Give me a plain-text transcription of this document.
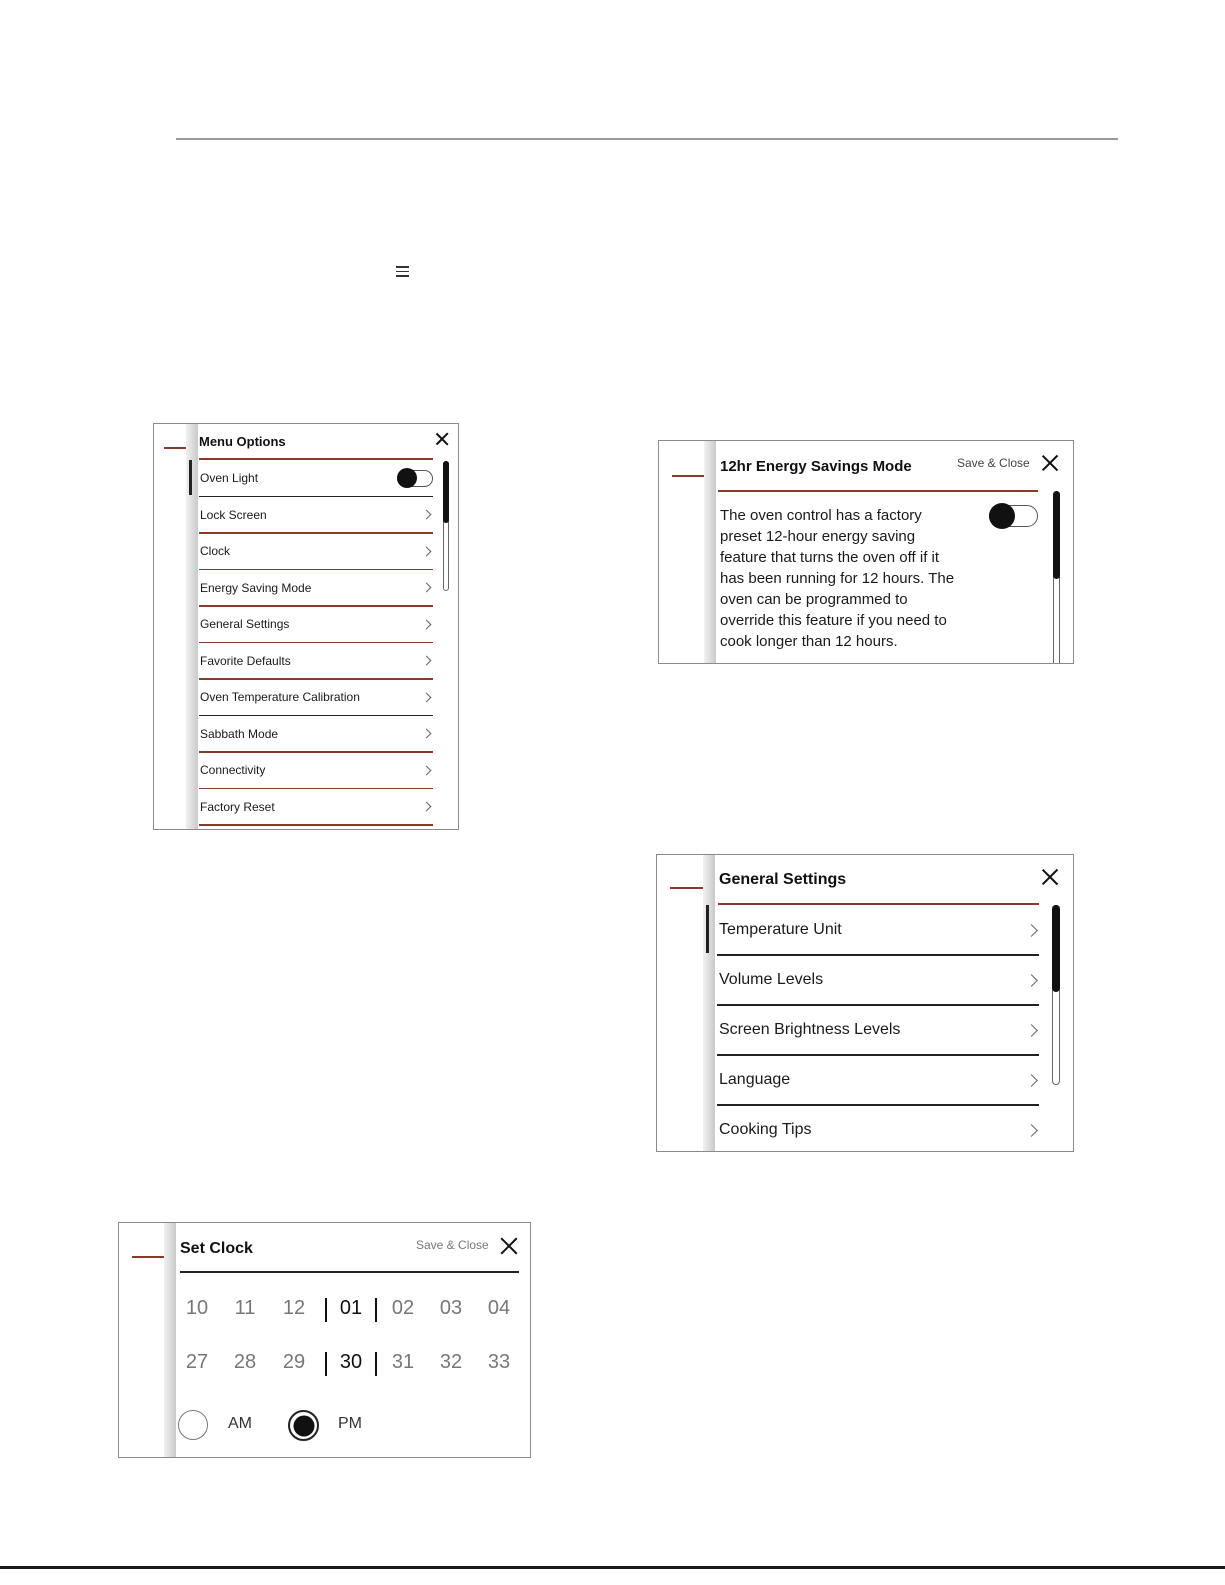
Menu Options
Oven Light
Lock Screen
Clock
Energy Saving Mode
General Settings
Favorite Defaults
Oven Temperature Calibration
Sabbath Mode
Connectivity
Factory Reset
12hr Energy Savings Mode	Save & Close
The oven control has a factory
preset 12-hour energy saving
feature that turns the oven off if it
has been running for 12 hours. The
oven can be programmed to
override this feature if you need to
cook longer than 12 hours.
General Settings
Temperature Unit
Volume Levels
Screen Brightness Levels
Language
Cooking Tips
Set Clock	Save & Close
10	11	12	01	02	03	04
27	28	29	30	31	32	33
AM	PM
